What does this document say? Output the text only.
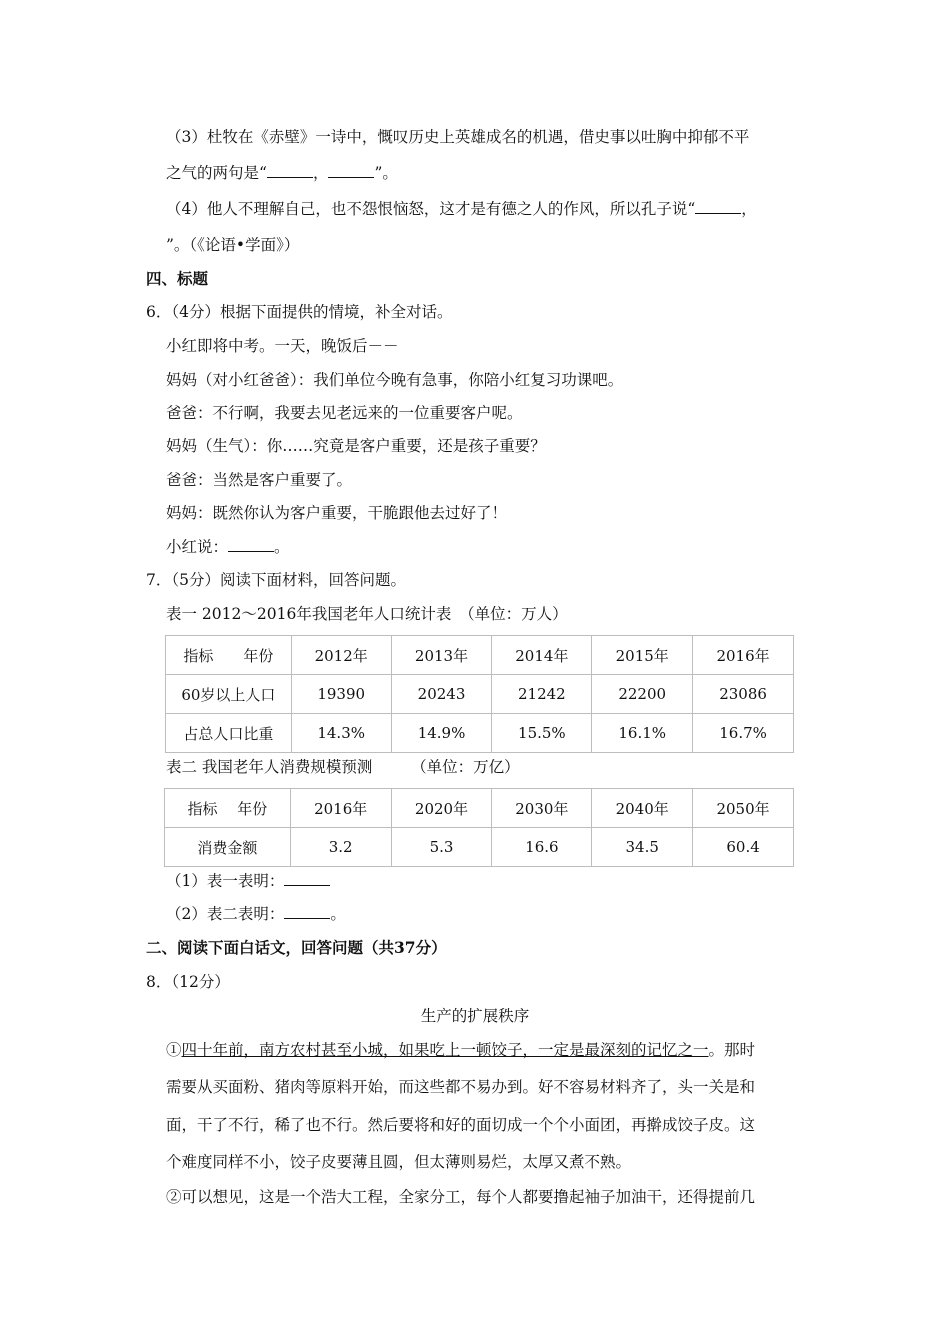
（3）杜牧在《赤壁》一诗中，慨叹历史上英雄成名的机遇，借史事以吐胸中抑郁不平
之气的两句是“	，	”。
（4）他人不理解自己，也不怨恨恼怒，这才是有德之人的作风，所以孔子说“	，
”。（《论语•学面》）
四、标题
6．（4分）根据下面提供的情境，补全对话。
小红即将中考。一天，晚饭后－－
妈妈（对小红爸爸）：我们单位今晚有急事，你陪小红复习功课吧。
爸爸：不行啊，我要去见老远来的一位重要客户呢。
妈妈（生气）：你……究竟是客户重要，还是孩子重要？
爸爸：当然是客户重要了。
妈妈：既然你认为客户重要，干脆跟他去过好了！
小红说：	。
7．（5分）阅读下面材料，回答问题。
表一 2012～2016年我国老年人口统计表　（单位：万人）
指标　　年份	2012年	2013年	2014年	2015年	2016年
60岁以上人口	19390	20243	21242	22200	23086
占总人口比重	14.3%	14.9%	15.5%	16.1%	16.7%
表二 我国老年人消费规模预测　　　（单位：万亿）
指标　 年份	2016年	2020年	2030年	2040年	2050年
消费金额	3.2	5.3	16.6	34.5	60.4
（1）表一表明：
（2）表二表明：	。
二、阅读下面白话文，回答问题（共37分）
8．（12分）
生产的扩展秩序
①四十年前，南方农村甚至小城，如果吃上一顿饺子，一定是最深刻的记忆之一。那时
需要从买面粉、猪肉等原料开始，而这些都不易办到。好不容易材料齐了，头一关是和
面，干了不行，稀了也不行。然后要将和好的面切成一个个小面团，再擀成饺子皮。这
个难度同样不小，饺子皮要薄且圆，但太薄则易烂，太厚又煮不熟。
②可以想见，这是一个浩大工程，全家分工，每个人都要撸起袖子加油干，还得提前几
